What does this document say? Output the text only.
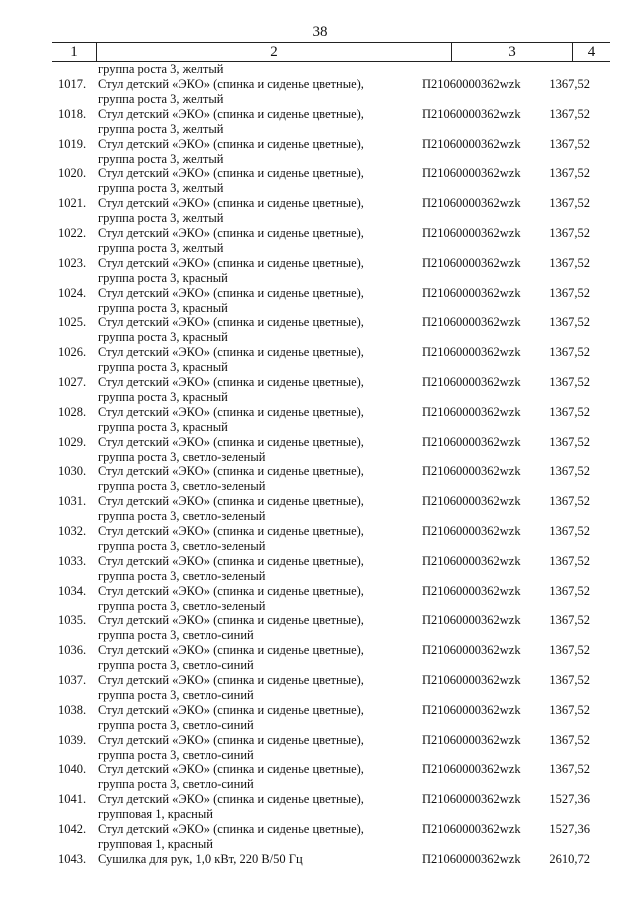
38
1	2	3	4
группа роста 3, желтый
1017. Стул детский «ЭКО» (спинка и сиденье цветные),
группа роста 3, желтый
П21060000362wzk 1367,52
1018. Стул детский «ЭКО» (спинка и сиденье цветные),
группа роста 3, желтый
П21060000362wzk 1367,52
1019. Стул детский «ЭКО» (спинка и сиденье цветные),
группа роста 3, желтый
П21060000362wzk 1367,52
1020. Стул детский «ЭКО» (спинка и сиденье цветные),
группа роста 3, желтый
П21060000362wzk 1367,52
1021. Стул детский «ЭКО» (спинка и сиденье цветные),
группа роста 3, желтый
П21060000362wzk 1367,52
1022. Стул детский «ЭКО» (спинка и сиденье цветные),
группа роста 3, желтый
П21060000362wzk 1367,52
1023. Стул детский «ЭКО» (спинка и сиденье цветные),
группа роста 3, красный
П21060000362wzk 1367,52
1024. Стул детский «ЭКО» (спинка и сиденье цветные),
группа роста 3, красный
П21060000362wzk 1367,52
1025. Стул детский «ЭКО» (спинка и сиденье цветные),
группа роста 3, красный
П21060000362wzk 1367,52
1026. Стул детский «ЭКО» (спинка и сиденье цветные),
группа роста 3, красный
П21060000362wzk 1367,52
1027. Стул детский «ЭКО» (спинка и сиденье цветные),
группа роста 3, красный
П21060000362wzk 1367,52
1028. Стул детский «ЭКО» (спинка и сиденье цветные),
группа роста 3, красный
П21060000362wzk 1367,52
1029. Стул детский «ЭКО» (спинка и сиденье цветные),
группа роста 3, светло-зеленый
П21060000362wzk 1367,52
1030. Стул детский «ЭКО» (спинка и сиденье цветные),
группа роста 3, светло-зеленый
П21060000362wzk 1367,52
1031. Стул детский «ЭКО» (спинка и сиденье цветные),
группа роста 3, светло-зеленый
П21060000362wzk 1367,52
1032. Стул детский «ЭКО» (спинка и сиденье цветные),
группа роста 3, светло-зеленый
П21060000362wzk 1367,52
1033. Стул детский «ЭКО» (спинка и сиденье цветные),
группа роста 3, светло-зеленый
П21060000362wzk 1367,52
1034. Стул детский «ЭКО» (спинка и сиденье цветные),
группа роста 3, светло-зеленый
П21060000362wzk 1367,52
1035. Стул детский «ЭКО» (спинка и сиденье цветные),
группа роста 3, светло-синий
П21060000362wzk 1367,52
1036. Стул детский «ЭКО» (спинка и сиденье цветные),
группа роста 3, светло-синий
П21060000362wzk 1367,52
1037. Стул детский «ЭКО» (спинка и сиденье цветные),
группа роста 3, светло-синий
П21060000362wzk 1367,52
1038. Стул детский «ЭКО» (спинка и сиденье цветные),
группа роста 3, светло-синий
П21060000362wzk 1367,52
1039. Стул детский «ЭКО» (спинка и сиденье цветные),
группа роста 3, светло-синий
П21060000362wzk 1367,52
1040. Стул детский «ЭКО» (спинка и сиденье цветные),
группа роста 3, светло-синий
П21060000362wzk 1367,52
1041. Стул детский «ЭКО» (спинка и сиденье цветные),
групповая 1, красный
П21060000362wzk 1527,36
1042. Стул детский «ЭКО» (спинка и сиденье цветные),
групповая 1, красный
П21060000362wzk 1527,36
1043. Сушилка для рук, 1,0 кВт, 220 В/50 Гц	П21060000362wzk 2610,72
